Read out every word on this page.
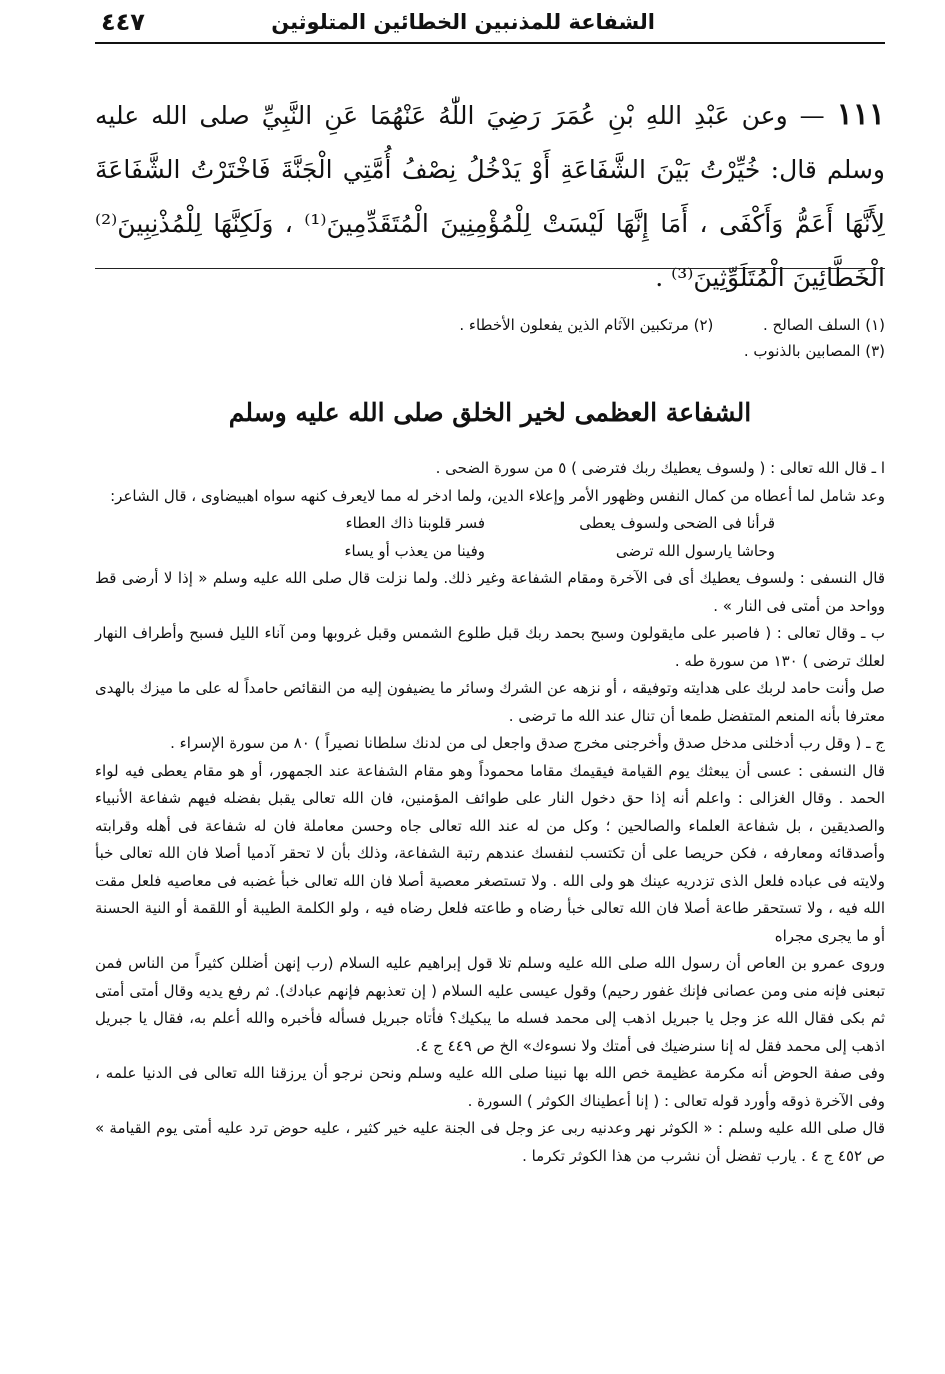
الشفاعة للمذنبين الخطائين المتلوثين
٤٤٧
١١١ — وعن عَبْدِ اللهِ بْنِ عُمَرَ رَضِيَ اللّٰهُ عَنْهُمَا عَنِ النَّبِيِّ صلى الله عليه وسلم قال: خُيِّرْتُ بَيْنَ الشَّفَاعَةِ أَوْ يَدْخُلُ نِصْفُ أُمَّتِي الْجَنَّةَ فَاخْتَرْتُ الشَّفَاعَةَ لِأَنَّهَا أَعَمُّ وَأَكْفَى ، أَمَا إِنَّهَا لَيْسَتْ لِلْمُؤْمِنِينَ الْمُتَقَدِّمِينَ⁽¹⁾ ، وَلَكِنَّهَا لِلْمُذْنِبِينَ⁽²⁾ الْخَطَّائِينَ الْمُتَلَوِّثِينَ⁽³⁾ .
(١) السلف الصالح .  (٢) مرتكبين الآثام الذين يفعلون الأخطاء .
(٣) المصابين بالذنوب .
الشفاعة العظمى لخير الخلق صلى الله عليه وسلم

ا ـ قال الله تعالى : ( ولسوف يعطيك ربك فترضى ) ٥ من سورة الضحى .

وعد شامل لما أعطاه من كمال النفس وظهور الأمر وإعلاء الدين، ولما ادخر له مما لايعرف كنهه سواه اهبيضاوى ، قال الشاعر:

قرأنا فى الضحى ولسوف يعطى
فسر قلوبنا ذاك العطاء
وحاشا يارسول الله ترضى
وفينا من يعذب أو يساء

قال النسفى : ولسوف يعطيك أى فى الآخرة ومقام الشفاعة وغير ذلك. ولما نزلت قال صلى الله عليه وسلم « إذا لا أرضى قط وواحد من أمتى فى النار » .

ب ـ وقال تعالى : ( فاصبر على مايقولون وسبح بحمد ربك قبل طلوع الشمس وقبل غروبها ومن آناء الليل فسبح وأطراف النهار لعلك ترضى ) ١٣٠ من سورة طه .

صل وأنت حامد لربك على هدايته وتوفيقه ، أو نزهه عن الشرك وسائر ما يضيفون إليه من النقائص حامداً له على ما ميزك بالهدى معترفا بأنه المنعم المتفضل طمعا أن تنال عند الله ما ترضى .

ج ـ ( وقل رب أدخلنى مدخل صدق وأخرجنى مخرج صدق واجعل لى من لدنك سلطانا نصيراً ) ٨٠ من سورة الإسراء .

قال النسفى : عسى أن يبعثك يوم القيامة فيقيمك مقاما محموداً وهو مقام الشفاعة عند الجمهور، أو هو مقام يعطى فيه لواء الحمد . وقال الغزالى : واعلم أنه إذا حق دخول النار على طوائف المؤمنين، فان الله تعالى يقبل بفضله فيهم شفاعة الأنبياء والصديقين ، بل شفاعة العلماء والصالحين ؛ وكل من له عند الله تعالى جاه وحسن معاملة فان له شفاعة فى أهله وقرابته وأصدقائه ومعارفه ، فكن حريصا على أن تكتسب لنفسك عندهم رتبة الشفاعة، وذلك بأن لا تحقر آدميا أصلا فان الله تعالى خبأ ولايته فى عباده فلعل الذى تزدريه عينك هو ولى الله . ولا تستصغر معصية أصلا فان الله تعالى خبأ غضبه فى معاصيه فلعل مقت الله فيه ، ولا تستحقر طاعة أصلا فان الله تعالى خبأ رضاه و طاعته فلعل رضاه فيه ، ولو الكلمة الطيبة أو اللقمة أو النية الحسنة أو ما يجرى مجراه

وروى عمرو بن العاص أن رسول الله صلى الله عليه وسلم تلا قول إبراهيم عليه السلام (رب إنهن أضللن كثيراً من الناس فمن تبعنى فإنه منى ومن عصانى فإنك غفور رحيم) وقول عيسى عليه السلام ( إن تعذبهم فإنهم عبادك). ثم رفع يديه وقال أمتى أمتى ثم بكى فقال الله عز وجل يا جبريل اذهب إلى محمد فسله ما يبكيك؟ فأتاه جبريل فسأله فأخبره والله أعلم به، فقال يا جبريل اذهب إلى محمد فقل له إنا سنرضيك فى أمتك ولا نسوءك» الخ ص ٤٤٩ ج ٤.

وفى صفة الحوض أنه مكرمة عظيمة خص الله بها نبينا صلى الله عليه وسلم ونحن نرجو أن يرزقنا الله تعالى فى الدنيا علمه ، وفى الآخرة ذوقه وأورد قوله تعالى : ( إنا أعطيناك الكوثر ) السورة .

قال صلى الله عليه وسلم : « الكوثر نهر وعدنيه ربى عز وجل فى الجنة عليه خير كثير ، عليه حوض ترد عليه أمتى يوم القيامة » ص ٤٥٢ ج ٤ . يارب تفضل أن نشرب من هذا الكوثر تكرما .
